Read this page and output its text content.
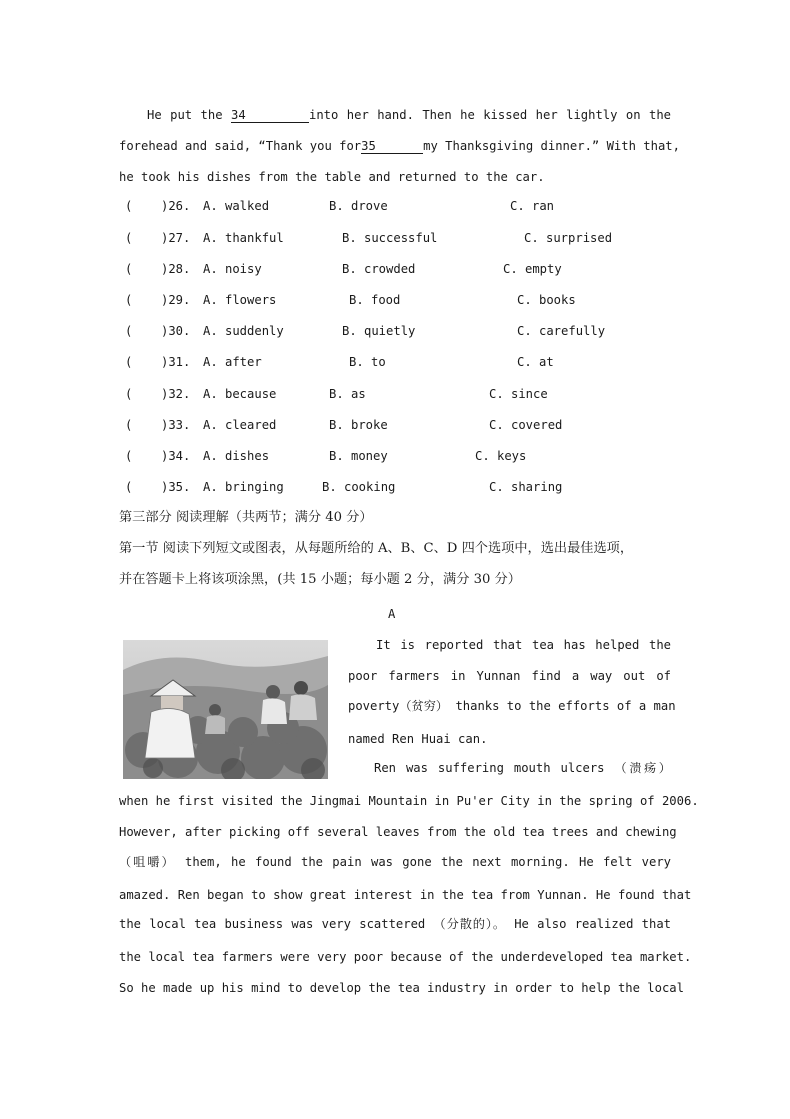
He put the 34	into her hand. Then he kissed her lightly on the
forehead and said, “Thank you for35	my Thanksgiving dinner.” With that,
he took his dishes from the table and returned to the car.
( )26. A. walked	B. drove	C. ran
( )27. A. thankful	B. successful	C. surprised
( )28. A. noisy	B. crowded	C. empty
( )29. A. flowers	B. food	C. books
( )30. A. suddenly	B. quietly	C. carefully
( )31. A. after	B. to	C. at
( )32. A. because	B. as	C. since
( )33. A. cleared	B. broke	C. covered
( )34. A. dishes	B. money	C. keys
( )35. A. bringing	B. cooking	C. sharing
第三部分 阅读理解（共两节；满分 40 分）
第一节 阅读下列短文或图表，从每题所给的 A、B、C、D 四个选项中，选出最佳选项，
并在答题卡上将该项涂黑，(共 15 小题；每小题 2 分，满分 30 分）
A
It is reported that tea has helped the
poor farmers in Yunnan find a way out of
poverty（贫穷） thanks to the efforts of a man
named Ren Huai can.
Ren was suffering mouth ulcers （溃疡）
when he first visited the Jingmai Mountain in Pu'er City in the spring of 2006.
However, after picking off several leaves from the old tea trees and chewing
（咀嚼） them, he found the pain was gone the next morning. He felt very
amazed. Ren began to show great interest in the tea from Yunnan. He found that
the local tea business was very scattered （分散的）。 He also realized that
the local tea farmers were very poor because of the underdeveloped tea market.
So he made up his mind to develop the tea industry in order to help the local
